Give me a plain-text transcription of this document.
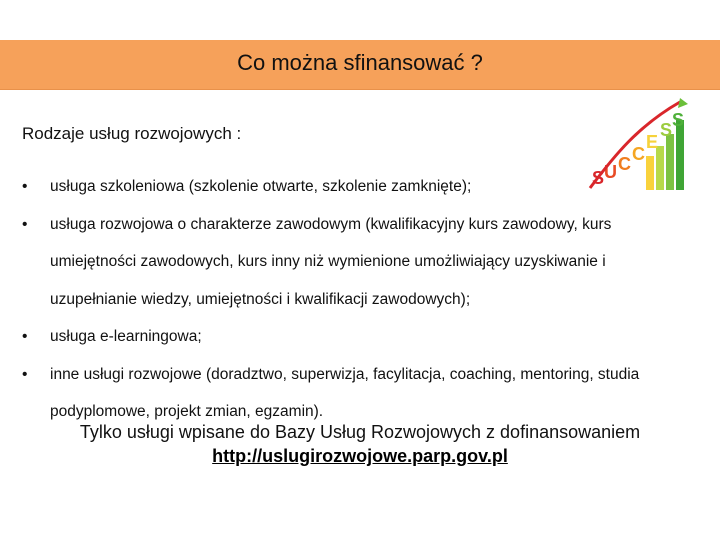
Co można sfinansować ?
Rodzaje usług rozwojowych :
S U C C
E
S S
•	usługa szkoleniowa (szkolenie otwarte, szkolenie zamknięte);
•	usługa rozwojowa o charakterze zawodowym (kwalifikacyjny kurs zawodowy, kurs umiejętności zawodowych, kurs inny niż wymienione umożliwiający uzyskiwanie i uzupełnianie wiedzy, umiejętności i kwalifikacji zawodowych);
•	usługa e-learningowa;
•	inne usługi rozwojowe (doradztwo, superwizja, facylitacja, coaching, mentoring, studia podyplomowe, projekt zmian, egzamin).
Tylko usługi wpisane do Bazy Usług Rozwojowych z dofinansowaniem
http://uslugirozwojowe.parp.gov.pl
